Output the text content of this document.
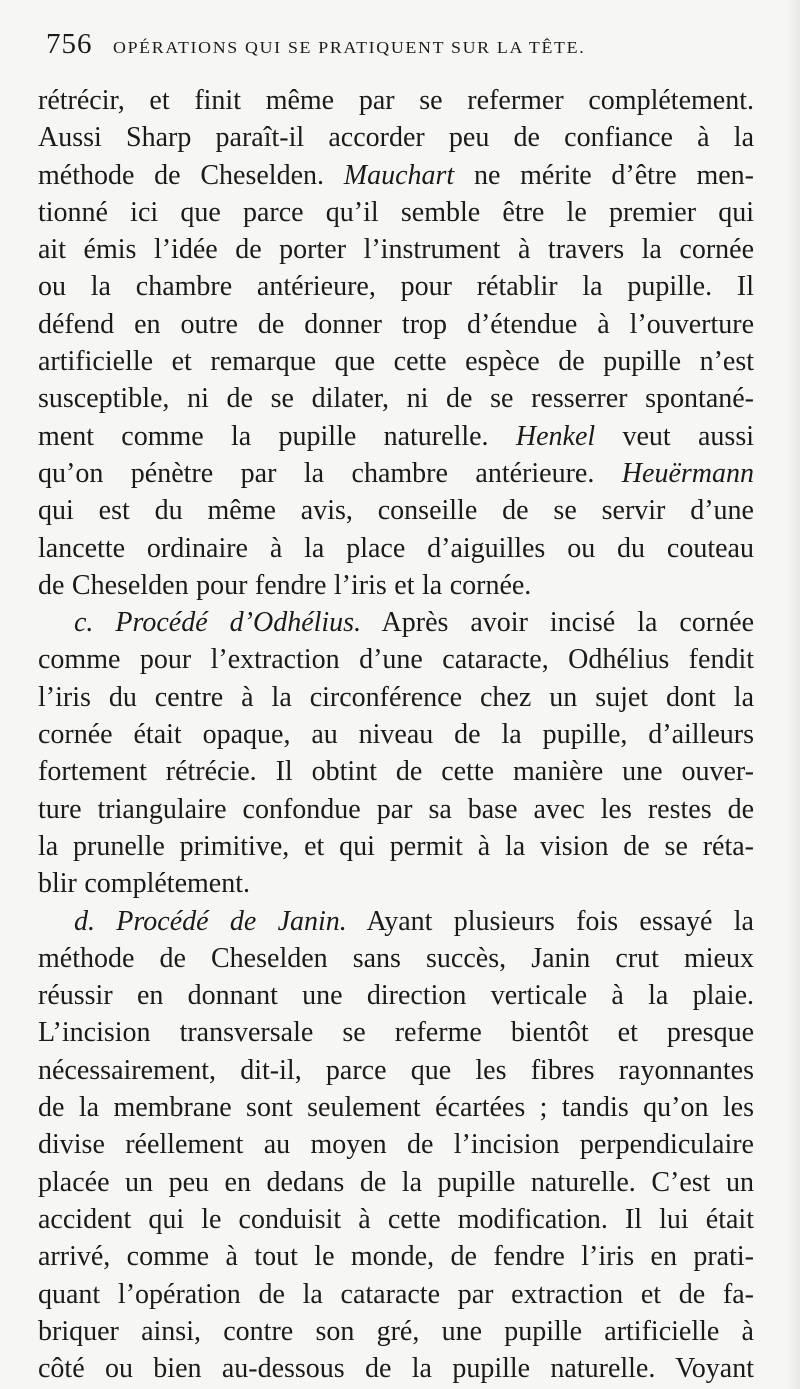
756 OPÉRATIONS QUI SE PRATIQUENT SUR LA TÊTE.
rétrécir, et finit même par se refermer complétement.
Aussi Sharp paraît-il accorder peu de confiance à la
méthode de Cheselden. Mauchart ne mérite d’être men-
tionné ici que parce qu’il semble être le premier qui
ait émis l’idée de porter l’instrument à travers la cornée
ou la chambre antérieure, pour rétablir la pupille. Il
défend en outre de donner trop d’étendue à l’ouverture
artificielle et remarque que cette espèce de pupille n’est
susceptible, ni de se dilater, ni de se resserrer spontané-
ment comme la pupille naturelle. Henkel veut aussi
qu’on pénètre par la chambre antérieure. Heuërmann
qui est du même avis, conseille de se servir d’une
lancette ordinaire à la place d’aiguilles ou du couteau
de Cheselden pour fendre l’iris et la cornée.
c. Procédé d’Odhélius. Après avoir incisé la cornée
comme pour l’extraction d’une cataracte, Odhélius fendit
l’iris du centre à la circonférence chez un sujet dont la
cornée était opaque, au niveau de la pupille, d’ailleurs
fortement rétrécie. Il obtint de cette manière une ouver-
ture triangulaire confondue par sa base avec les restes de
la prunelle primitive, et qui permit à la vision de se réta-
blir complétement.
d. Procédé de Janin. Ayant plusieurs fois essayé la
méthode de Cheselden sans succès, Janin crut mieux
réussir en donnant une direction verticale à la plaie.
L’incision transversale se referme bientôt et presque
nécessairement, dit-il, parce que les fibres rayonnantes
de la membrane sont seulement écartées ; tandis qu’on les
divise réellement au moyen de l’incision perpendiculaire
placée un peu en dedans de la pupille naturelle. C’est un
accident qui le conduisit à cette modification. Il lui était
arrivé, comme à tout le monde, de fendre l’iris en prati-
quant l’opération de la cataracte par extraction et de fa-
briquer ainsi, contre son gré, une pupille artificielle à
côté ou bien au-dessous de la pupille naturelle. Voyant
